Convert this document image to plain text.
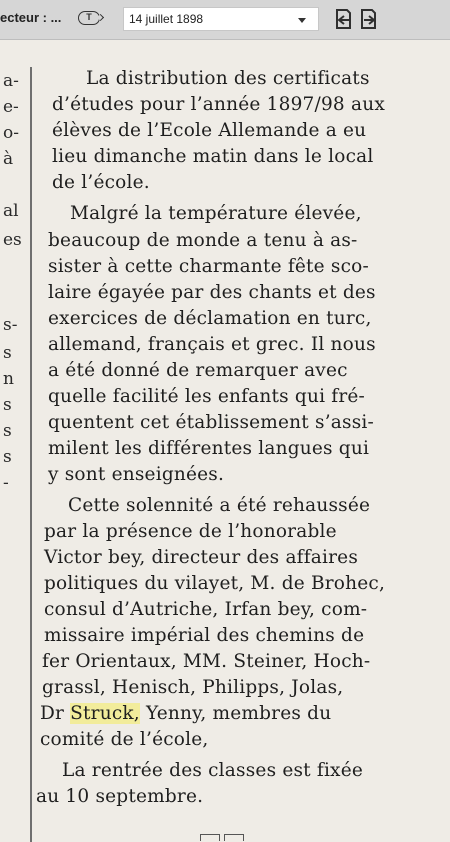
ecteur : ...	T	14 juillet 1898
a-
e-
o-
à
al
es
s-
s
n
s
s
s
-
La distribution des certificats
d’études pour l’année 1897/98 aux
élèves de l’Ecole Allemande a eu
lieu dimanche matin dans le local
de l’école.
Malgré la température élevée,
beaucoup de monde a tenu à as-
sister à cette charmante fête sco-
laire égayée par des chants et des
exercices de déclamation en turc,
allemand, français et grec. Il nous
a été donné de remarquer avec
quelle facilité les enfants qui fré-
quentent cet établissement s’assi-
milent les différentes langues qui
y sont enseignées.
Cette solennité a été rehaussée
par la présence de l’honorable
Victor bey, directeur des affaires
politiques du vilayet, M. de Brohec,
consul d’Autriche, Irfan bey, com-
missaire impérial des chemins de
fer Orientaux, MM. Steiner, Hoch-
grassl, Henisch, Philipps, Jolas,
Dr Struck, Yenny, membres du
comité de l’école,
La rentrée des classes est fixée
au 10 septembre.
